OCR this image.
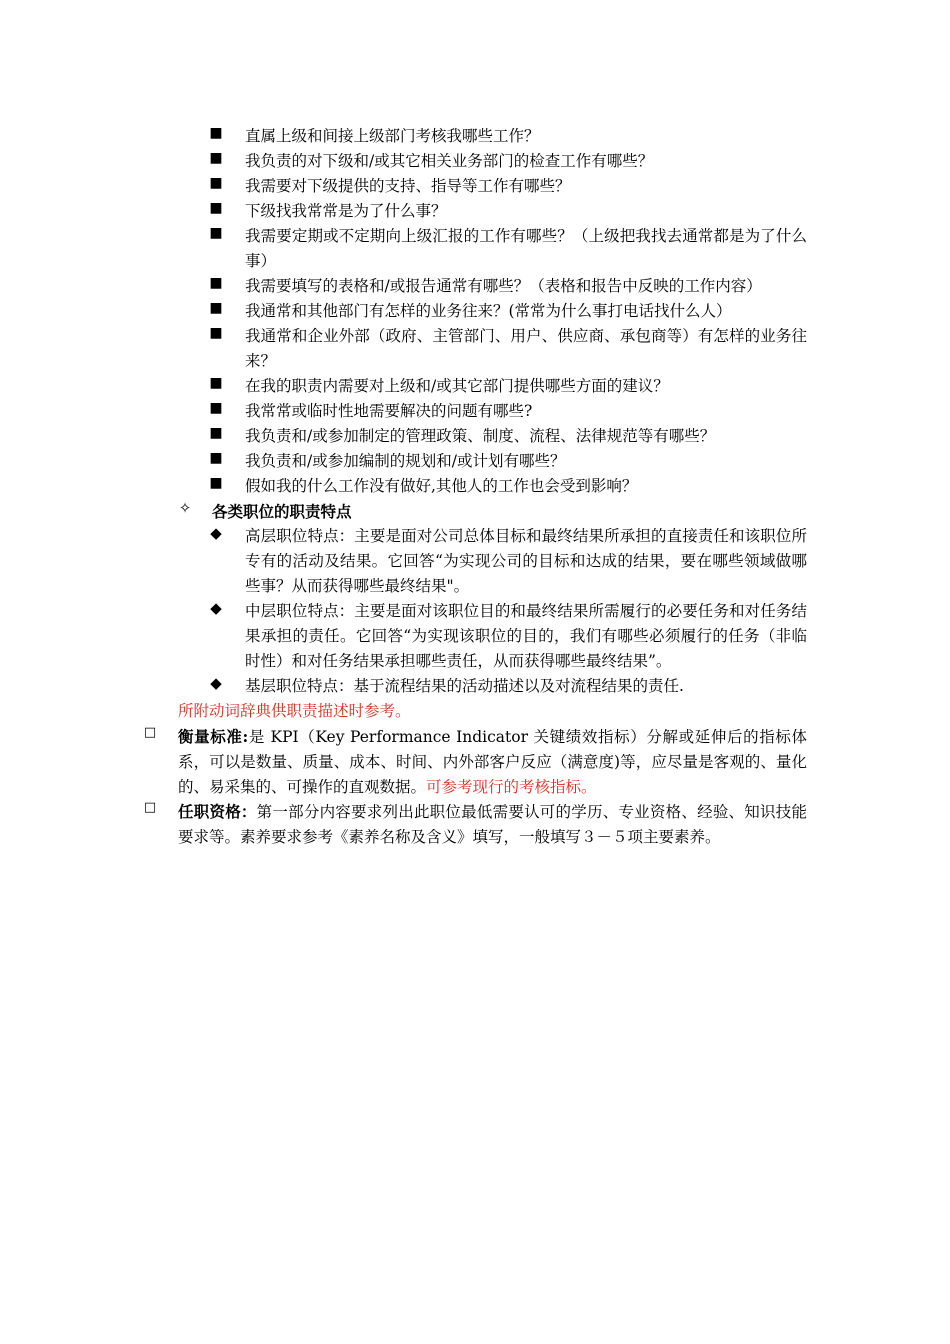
■ 直属上级和间接上级部门考核我哪些工作？
■ 我负责的对下级和/或其它相关业务部门的检查工作有哪些？
■ 我需要对下级提供的支持、指导等工作有哪些？
■ 下级找我常常是为了什么事？
■ 我需要定期或不定期向上级汇报的工作有哪些？（上级把我找去通常都是为了什么事）
■ 我需要填写的表格和/或报告通常有哪些？（表格和报告中反映的工作内容）
■ 我通常和其他部门有怎样的业务往来？(常常为什么事打电话找什么人）
■ 我通常和企业外部（政府、主管部门、用户、供应商、承包商等）有怎样的业务往来？
■ 在我的职责内需要对上级和/或其它部门提供哪些方面的建议？
■ 我常常或临时性地需要解决的问题有哪些?
■ 我负责和/或参加制定的管理政策、制度、流程、法律规范等有哪些？
■ 我负责和/或参加编制的规划和/或计划有哪些？
■ 假如我的什么工作没有做好,其他人的工作也会受到影响？
✧	各类职位的职责特点
◆ 高层职位特点：主要是面对公司总体目标和最终结果所承担的直接责任和该职位所专有的活动及结果。它回答“为实现公司的目标和达成的结果，要在哪些领域做哪些事？从而获得哪些最终结果"。
◆ 中层职位特点：主要是面对该职位目的和最终结果所需履行的必要任务和对任务结果承担的责任。它回答“为实现该职位的目的，我们有哪些必须履行的任务（非临时性）和对任务结果承担哪些责任，从而获得哪些最终结果”。
◆ 基层职位特点：基于流程结果的活动描述以及对流程结果的责任.
所附动词辞典供职责描述时参考。
□ 衡量标准:是 KPI（Key Performance Indicator 关键绩效指标）分解或延伸后的指标体系，可以是数量、质量、成本、时间、内外部客户反应（满意度)等，应尽量是客观的、量化的、易采集的、可操作的直观数据。可参考现行的考核指标。
□ 任职资格：第一部分内容要求列出此职位最低需要认可的学历、专业资格、经验、知识技能要求等。素养要求参考《素养名称及含义》填写，一般填写３－５项主要素养。
